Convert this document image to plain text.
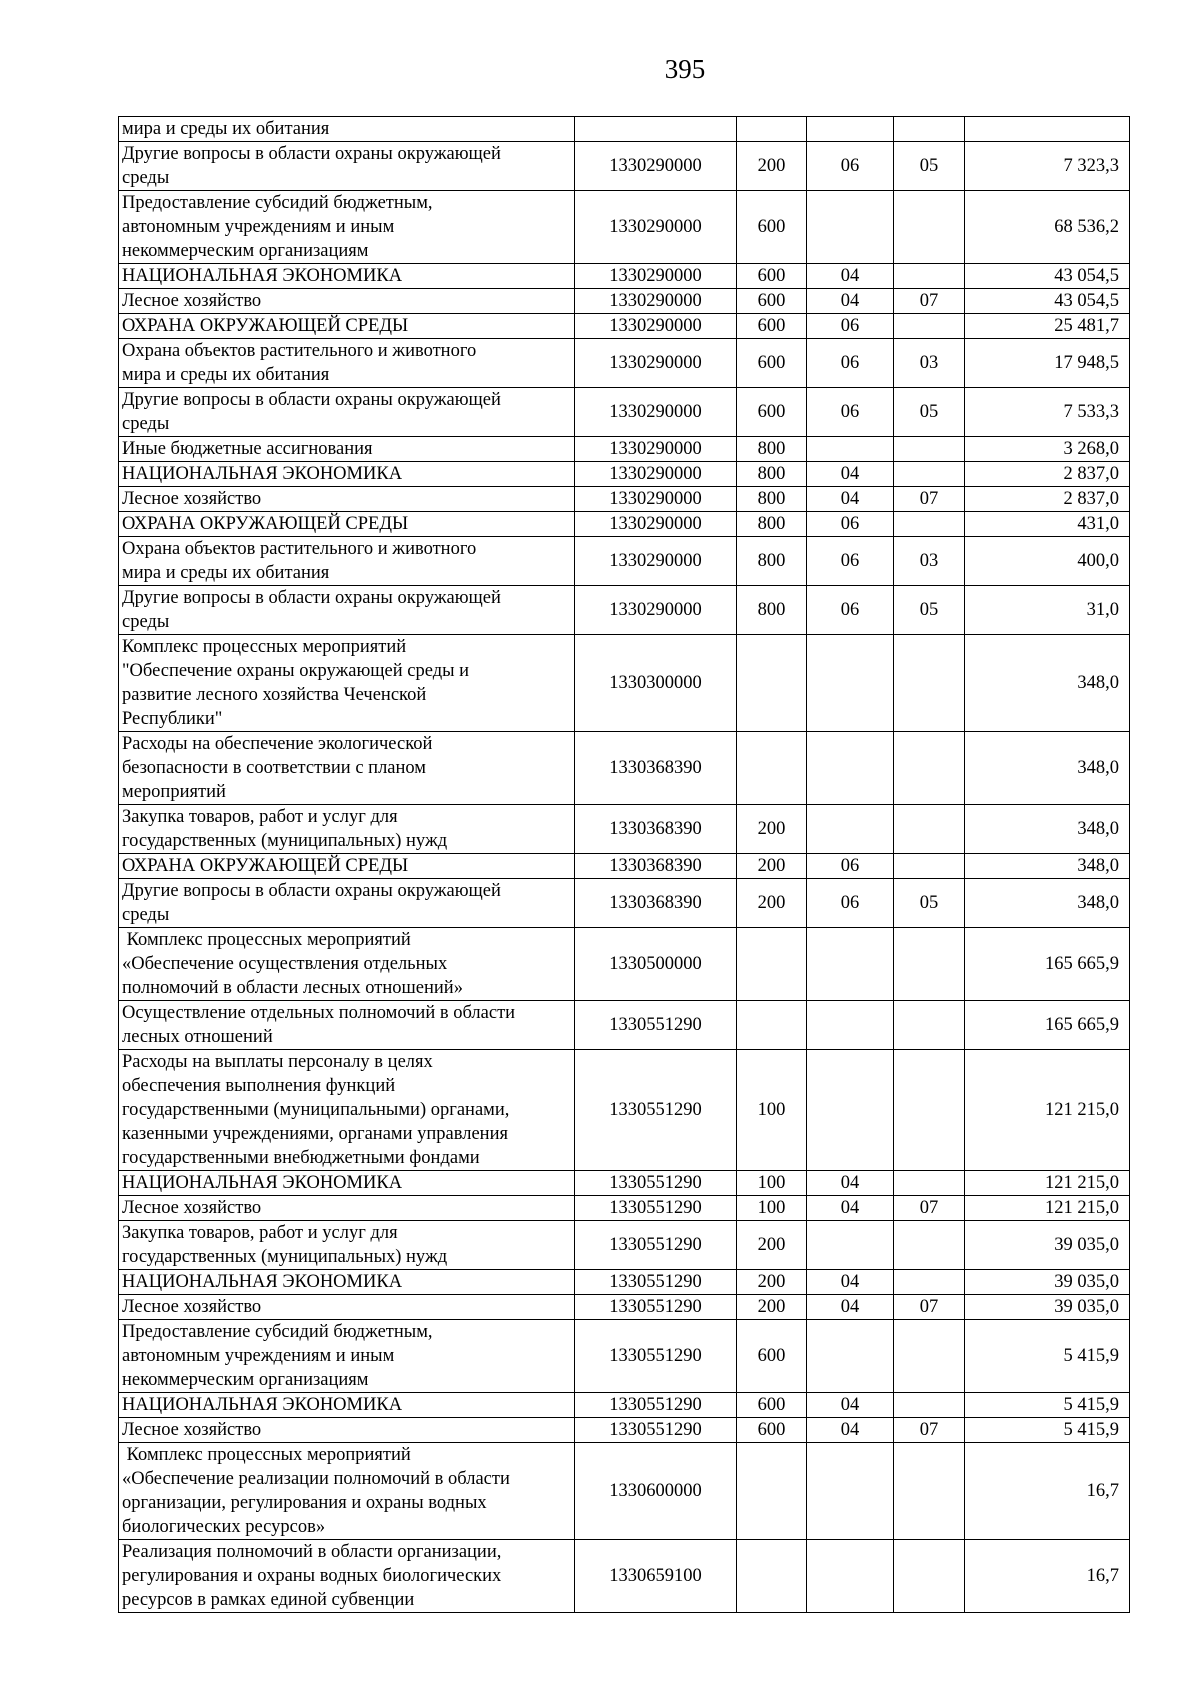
395
мира и среды их обитания					
Другие вопросы в области охраны окружающей
среды	1330290000	200	06	05	7 323,3
Предоставление субсидий бюджетным,
автономным учреждениям и иным
некоммерческим организациям	1330290000	600			68 536,2
НАЦИОНАЛЬНАЯ ЭКОНОМИКА	1330290000	600	04		43 054,5
Лесное хозяйство	1330290000	600	04	07	43 054,5
ОХРАНА ОКРУЖАЮЩЕЙ СРЕДЫ	1330290000	600	06		25 481,7
Охрана объектов растительного и животного
мира и среды их обитания	1330290000	600	06	03	17 948,5
Другие вопросы в области охраны окружающей
среды	1330290000	600	06	05	7 533,3
Иные бюджетные ассигнования	1330290000	800			3 268,0
НАЦИОНАЛЬНАЯ ЭКОНОМИКА	1330290000	800	04		2 837,0
Лесное хозяйство	1330290000	800	04	07	2 837,0
ОХРАНА ОКРУЖАЮЩЕЙ СРЕДЫ	1330290000	800	06		431,0
Охрана объектов растительного и животного
мира и среды их обитания	1330290000	800	06	03	400,0
Другие вопросы в области охраны окружающей
среды	1330290000	800	06	05	31,0
Комплекс процессных мероприятий
"Обеспечение охраны окружающей среды и
развитие лесного хозяйства Чеченской
Республики"	1330300000				348,0
Расходы на обеспечение экологической
безопасности в соответствии с планом
мероприятий	1330368390				348,0
Закупка товаров, работ и услуг для
государственных (муниципальных) нужд	1330368390	200			348,0
ОХРАНА ОКРУЖАЮЩЕЙ СРЕДЫ	1330368390	200	06		348,0
Другие вопросы в области охраны окружающей
среды	1330368390	200	06	05	348,0
Комплекс процессных мероприятий
«Обеспечение осуществления отдельных
полномочий в области лесных отношений»	1330500000				165 665,9
Осуществление отдельных полномочий в области
лесных отношений	1330551290				165 665,9
Расходы на выплаты персоналу в целях
обеспечения выполнения функций
государственными (муниципальными) органами,
казенными учреждениями, органами управления
государственными внебюджетными фондами	1330551290	100			121 215,0
НАЦИОНАЛЬНАЯ ЭКОНОМИКА	1330551290	100	04		121 215,0
Лесное хозяйство	1330551290	100	04	07	121 215,0
Закупка товаров, работ и услуг для
государственных (муниципальных) нужд	1330551290	200			39 035,0
НАЦИОНАЛЬНАЯ ЭКОНОМИКА	1330551290	200	04		39 035,0
Лесное хозяйство	1330551290	200	04	07	39 035,0
Предоставление субсидий бюджетным,
автономным учреждениям и иным
некоммерческим организациям	1330551290	600			5 415,9
НАЦИОНАЛЬНАЯ ЭКОНОМИКА	1330551290	600	04		5 415,9
Лесное хозяйство	1330551290	600	04	07	5 415,9
Комплекс процессных мероприятий
«Обеспечение реализации полномочий в области
организации, регулирования и охраны водных
биологических ресурсов»	1330600000				16,7
Реализация полномочий в области организации,
регулирования и охраны водных биологических
ресурсов в рамках единой субвенции	1330659100				16,7
